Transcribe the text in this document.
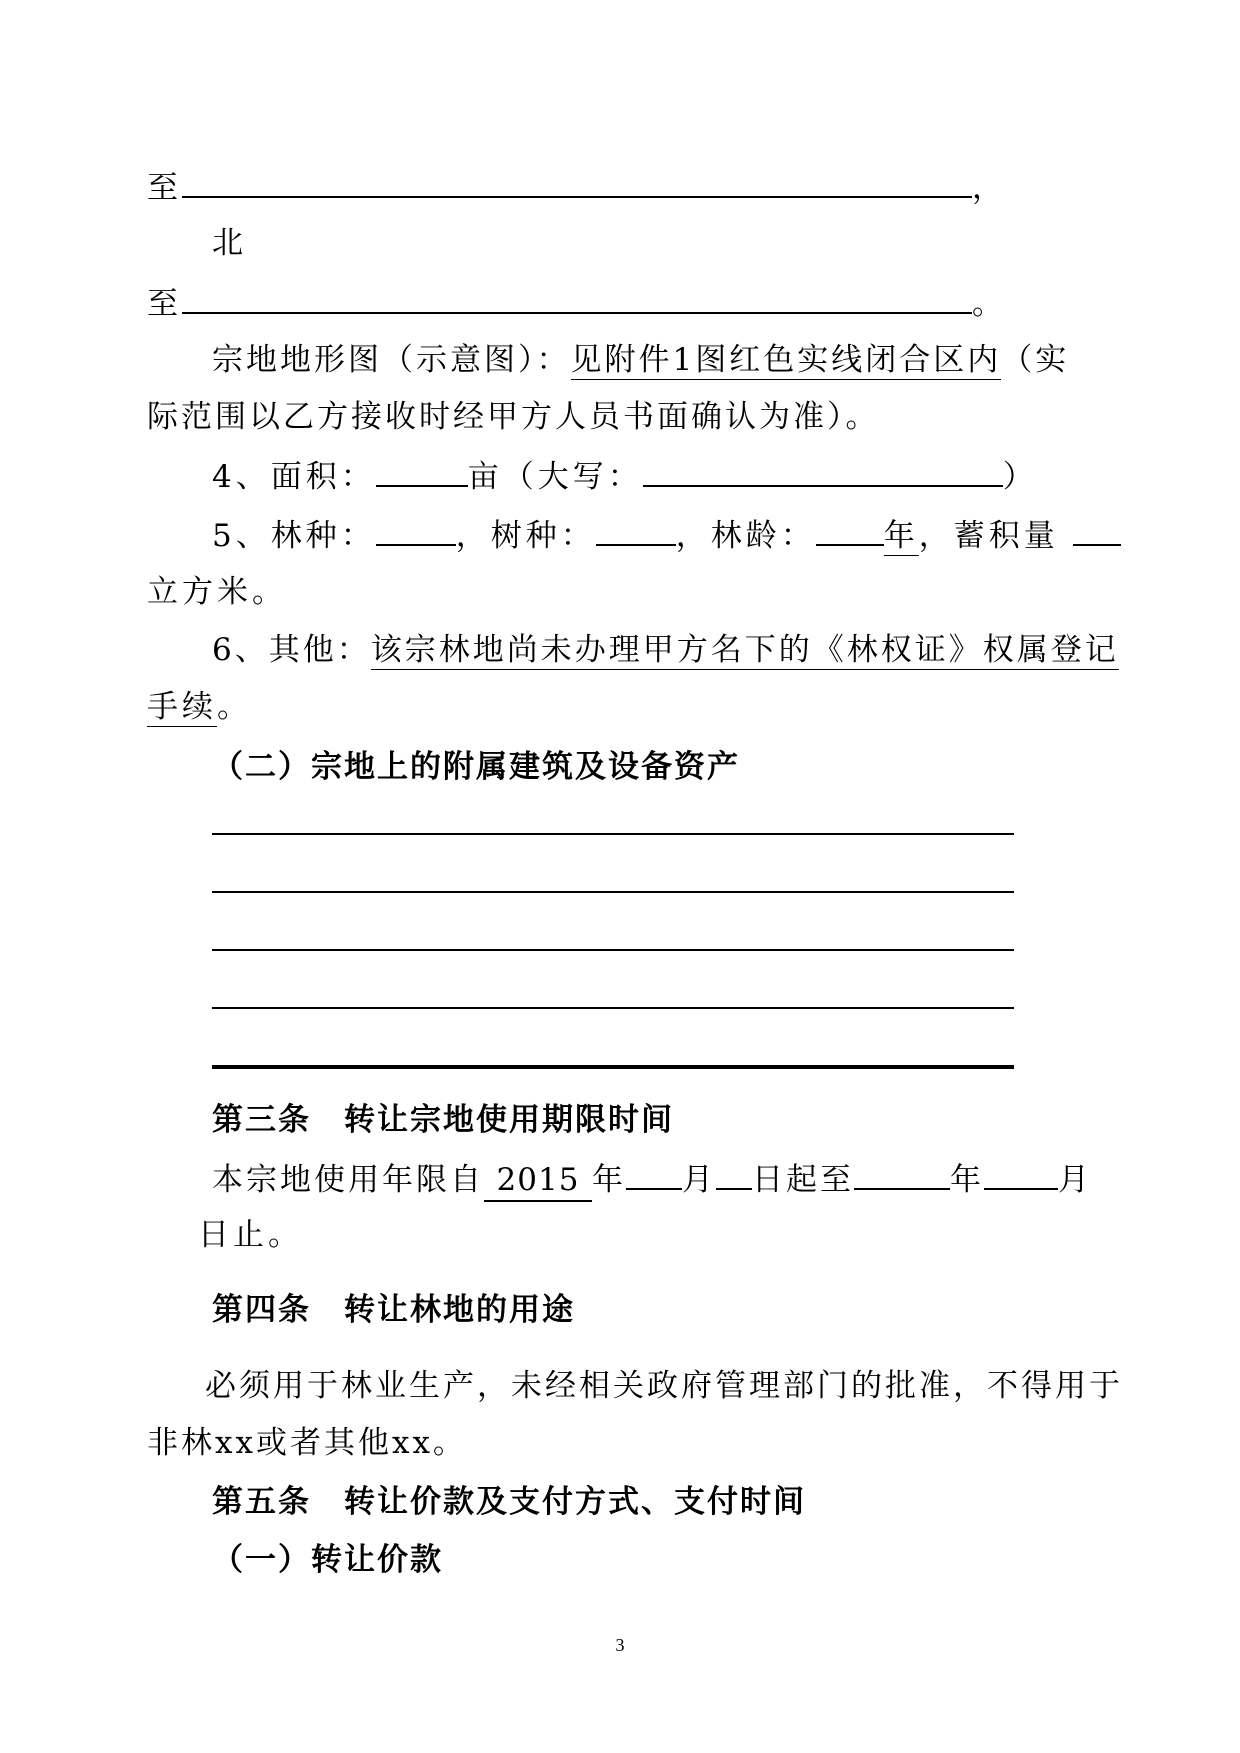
至	，
北
至	。
宗地地形图（示意图）：见附件1图红色实线闭合区内（实
际范围以乙方接收时经甲方人员书面确认为准）。
4、面积：	亩（大写：	）
5、林种：	，树种：	，林龄： 年，蓄积量
立方米。
6、其他：该宗林地尚未办理甲方名下的《林权证》权属登记
手续。
（二）宗地上的附属建筑及设备资产
第三条　转让宗地使用期限时间
本宗地使用年限自 2015 年 月 日起至	年 月
日止。
第四条　转让林地的用途
必须用于林业生产，未经相关政府管理部门的批准，不得用于
非林xx或者其他xx。
第五条　转让价款及支付方式、支付时间
（一）转让价款
3
